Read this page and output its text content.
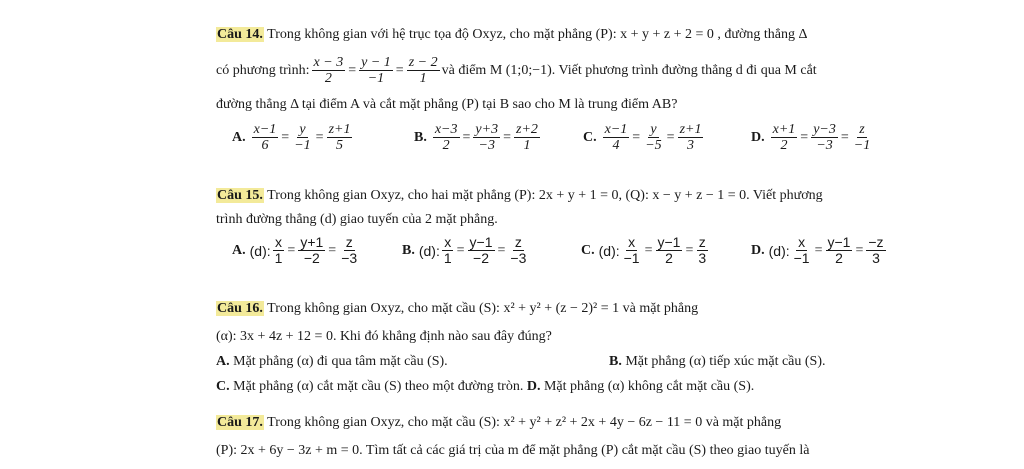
Câu 14. Trong không gian với hệ trục tọa độ Oxyz, cho mặt phẳng (P): x + y + z + 2 = 0 , đường thẳng Δ
có phương trình: $\frac{x - 3}{2} = \frac{y - 1}{-1} = \frac{z - 2}{1}$ và điểm M (1;0;−1). Viết phương trình đường thẳng d đi qua M cắt
đường thẳng Δ tại điểm A và cắt mặt phẳng (P) tại B sao cho M là trung điểm AB?
A. $\frac{x-1}{6} = \frac{y}{-1} = \frac{z+1}{5}$	B. $\frac{x-3}{2} = \frac{y+3}{-3} = \frac{z+2}{1}$	C. $\frac{x-1}{4} = \frac{y}{-5} = \frac{z+1}{3}$	D. $\frac{x+1}{2} = \frac{y-3}{-3} = \frac{z}{-1}$
Câu 15. Trong không gian Oxyz, cho hai mặt phẳng (P): 2x + y + 1 = 0, (Q): x − y + z − 1 = 0. Viết phương
trình đường thẳng (d) giao tuyến của 2 mặt phẳng.
A. (d): $\frac{x}{1} = \frac{y+1}{-2} = \frac{z}{-3}$	B. (d): $\frac{x}{1} = \frac{y-1}{-2} = \frac{z}{-3}$	C. (d): $\frac{x}{-1} = \frac{y-1}{2} = \frac{z}{3}$	D. (d): $\frac{x}{-1} = \frac{y-1}{2} = \frac{-z}{3}$
Câu 16. Trong không gian Oxyz, cho mặt cầu (S): x² + y² + (z − 2)² = 1 và mặt phẳng
(α): 3x + 4z + 12 = 0. Khi đó khẳng định nào sau đây đúng?
A. Mặt phẳng (α) đi qua tâm mặt cầu (S).	B. Mặt phẳng (α) tiếp xúc mặt cầu (S).
C. Mặt phẳng (α) cắt mặt cầu (S) theo một đường tròn. D. Mặt phẳng (α) không cắt mặt cầu (S).
Câu 17. Trong không gian Oxyz, cho mặt cầu (S): x² + y² + z² + 2x + 4y − 6z − 11 = 0 và mặt phẳng
(P): 2x + 6y − 3z + m = 0. Tìm tất cả các giá trị của m để mặt phẳng (P) cắt mặt cầu (S) theo giao tuyến là
